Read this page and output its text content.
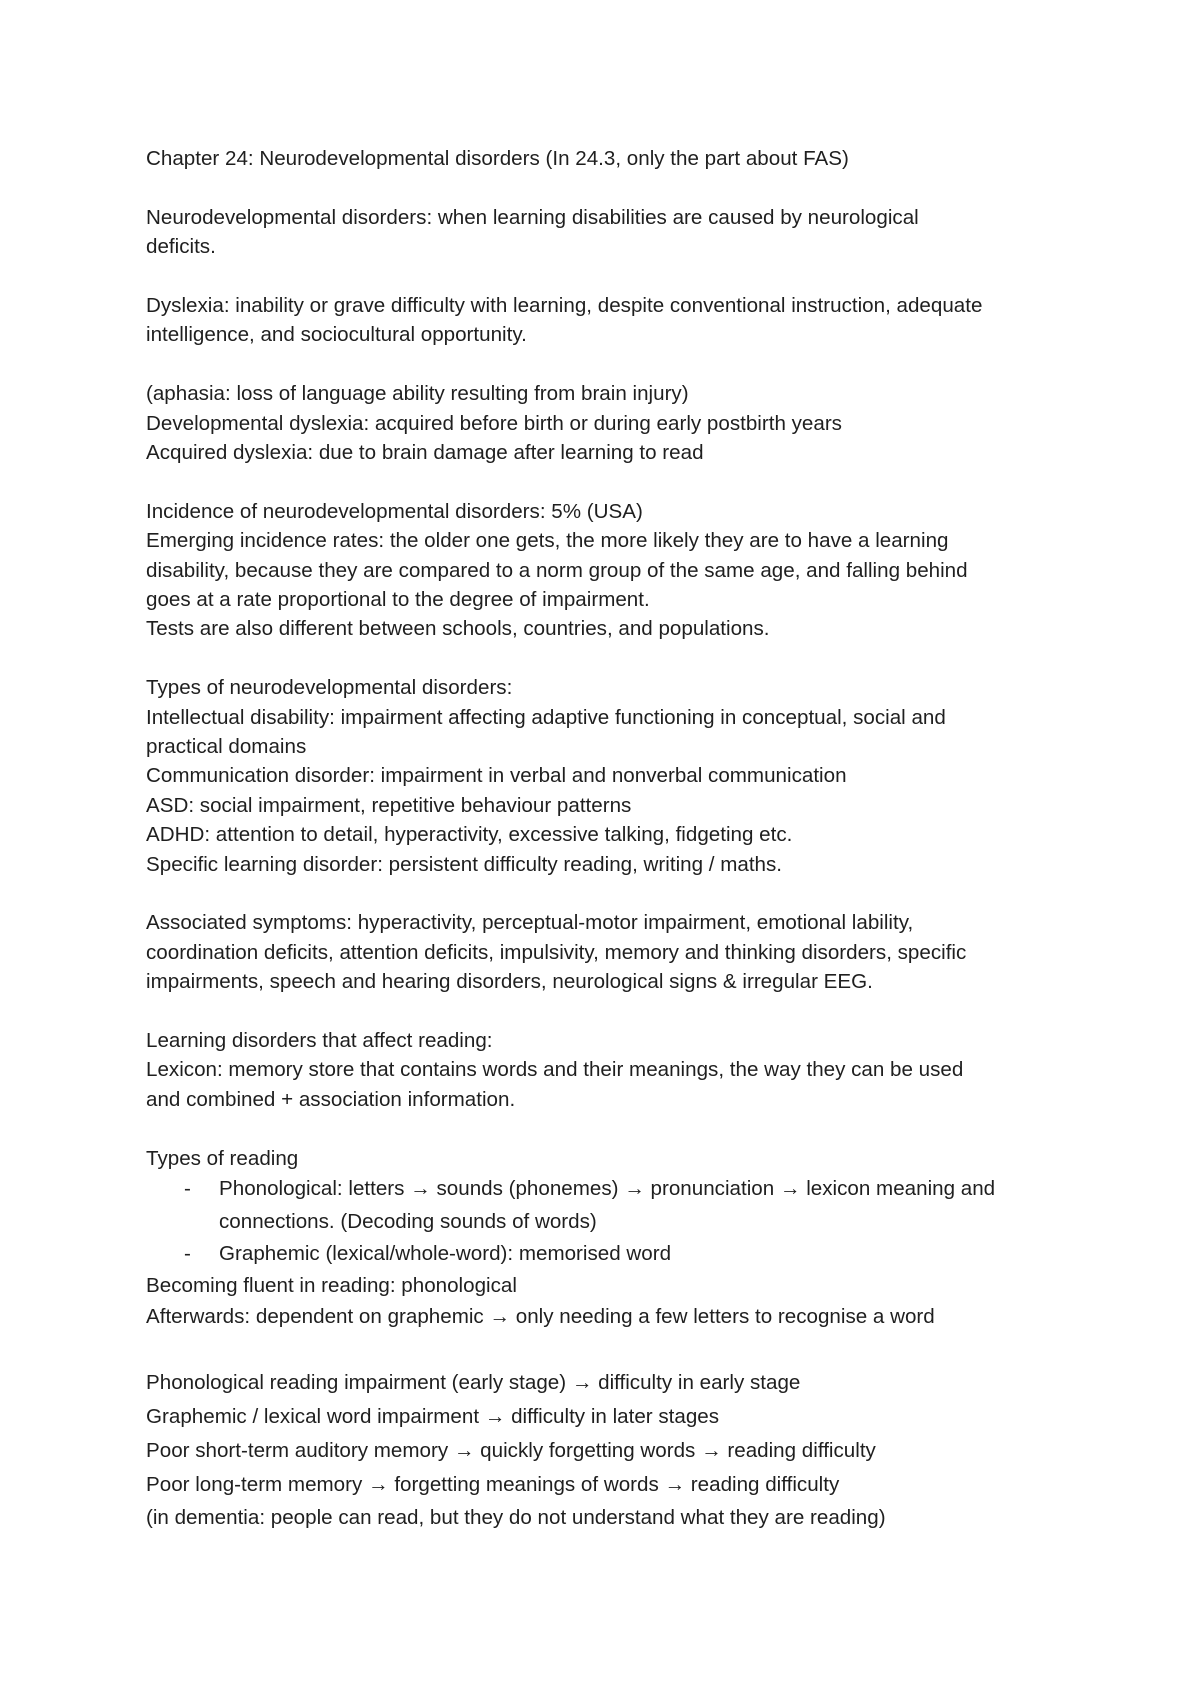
Chapter 24: Neurodevelopmental disorders (In 24.3, only the part about FAS)
Neurodevelopmental disorders: when learning disabilities are caused by neurological
deficits.
Dyslexia: inability or grave difficulty with learning, despite conventional instruction, adequate
intelligence, and sociocultural opportunity.
(aphasia: loss of language ability resulting from brain injury)
Developmental dyslexia: acquired before birth or during early postbirth years
Acquired dyslexia: due to brain damage after learning to read
Incidence of neurodevelopmental disorders: 5% (USA)
Emerging incidence rates: the older one gets, the more likely they are to have a learning
disability, because they are compared to a norm group of the same age, and falling behind
goes at a rate proportional to the degree of impairment.
Tests are also different between schools, countries, and populations.
Types of neurodevelopmental disorders:
Intellectual disability: impairment affecting adaptive functioning in conceptual, social and
practical domains
Communication disorder: impairment in verbal and nonverbal communication
ASD: social impairment, repetitive behaviour patterns
ADHD: attention to detail, hyperactivity, excessive talking, fidgeting etc.
Specific learning disorder: persistent difficulty reading, writing / maths.
Associated symptoms: hyperactivity, perceptual-motor impairment, emotional lability,
coordination deficits, attention deficits, impulsivity, memory and thinking disorders, specific
impairments, speech and hearing disorders, neurological signs & irregular EEG.
Learning disorders that affect reading:
Lexicon: memory store that contains words and their meanings, the way they can be used
and combined + association information.
Types of reading
- Phonological: letters → sounds (phonemes) → pronunciation → lexicon meaning and
connections. (Decoding sounds of words)
- Graphemic (lexical/whole-word): memorised word
Becoming fluent in reading: phonological
Afterwards: dependent on graphemic → only needing a few letters to recognise a word
Phonological reading impairment (early stage) → difficulty in early stage
Graphemic / lexical word impairment → difficulty in later stages
Poor short-term auditory memory → quickly forgetting words → reading difficulty
Poor long-term memory → forgetting meanings of words → reading difficulty
(in dementia: people can read, but they do not understand what they are reading)
